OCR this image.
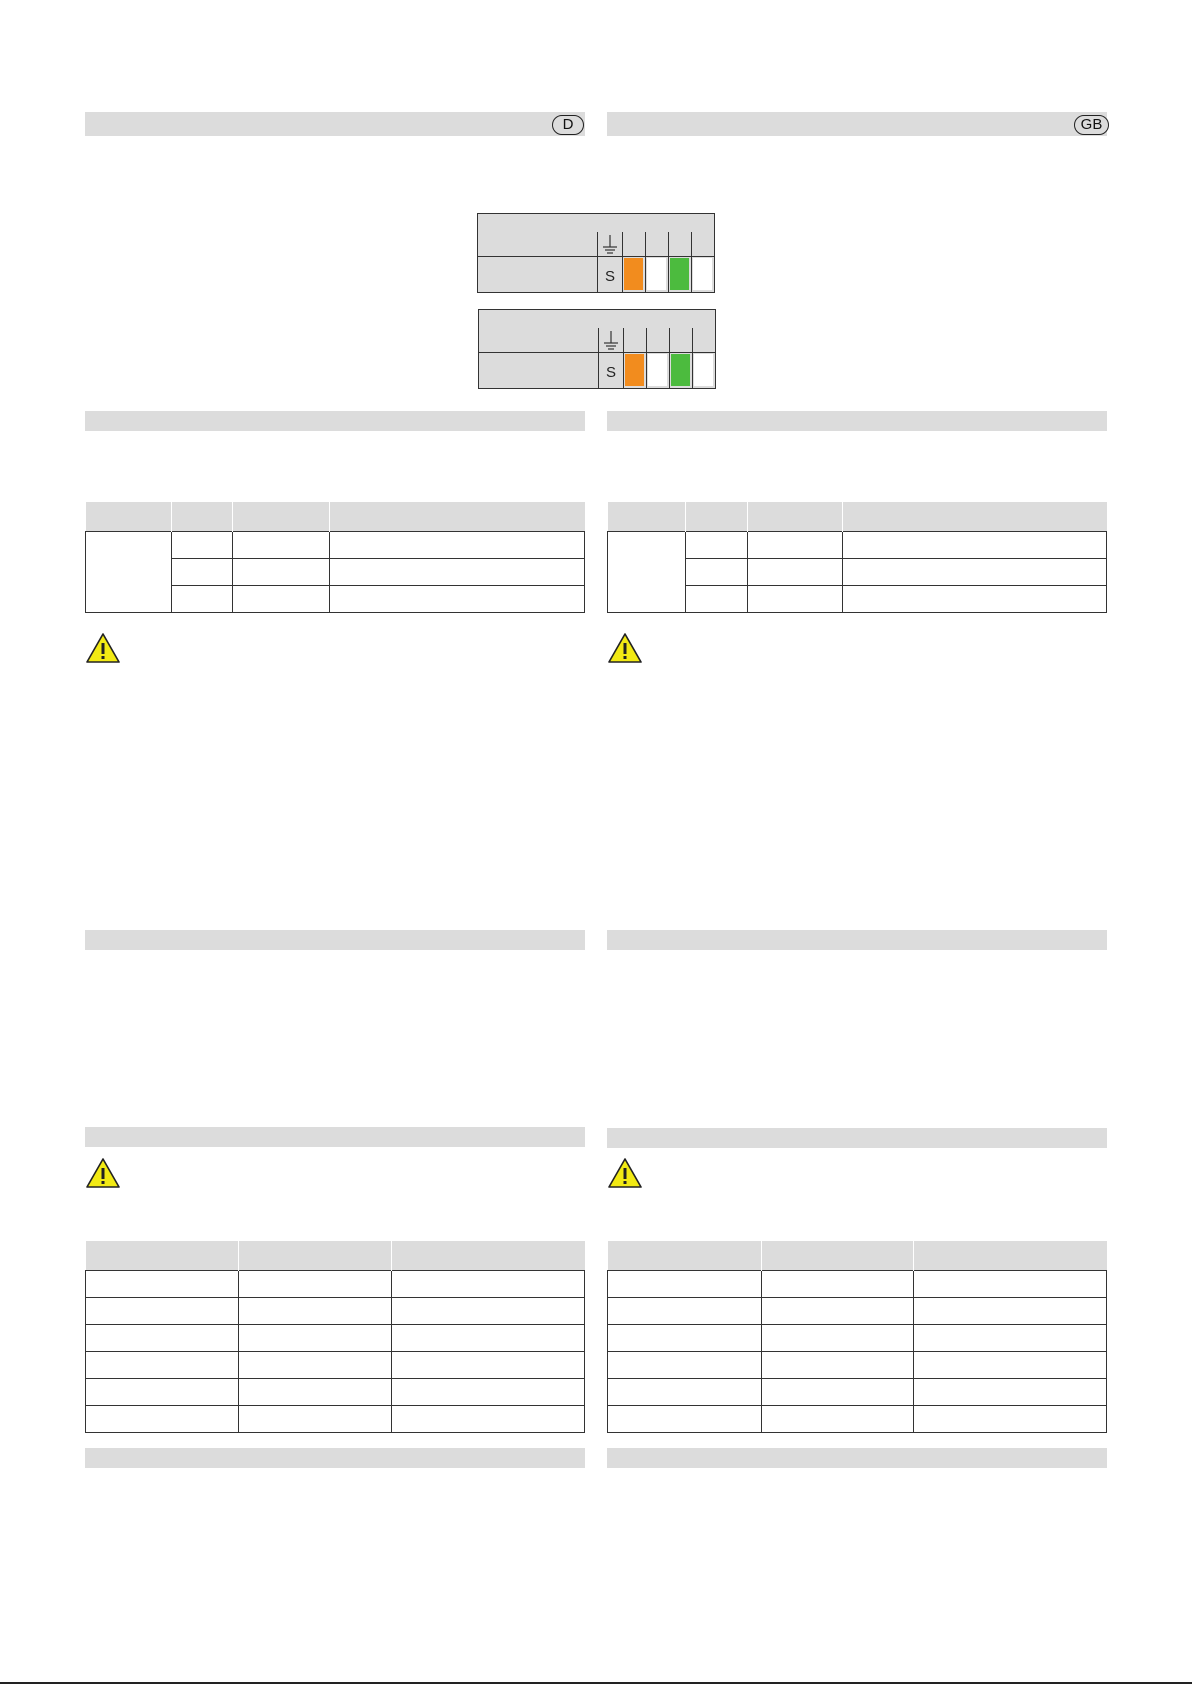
D	GB
S
S
